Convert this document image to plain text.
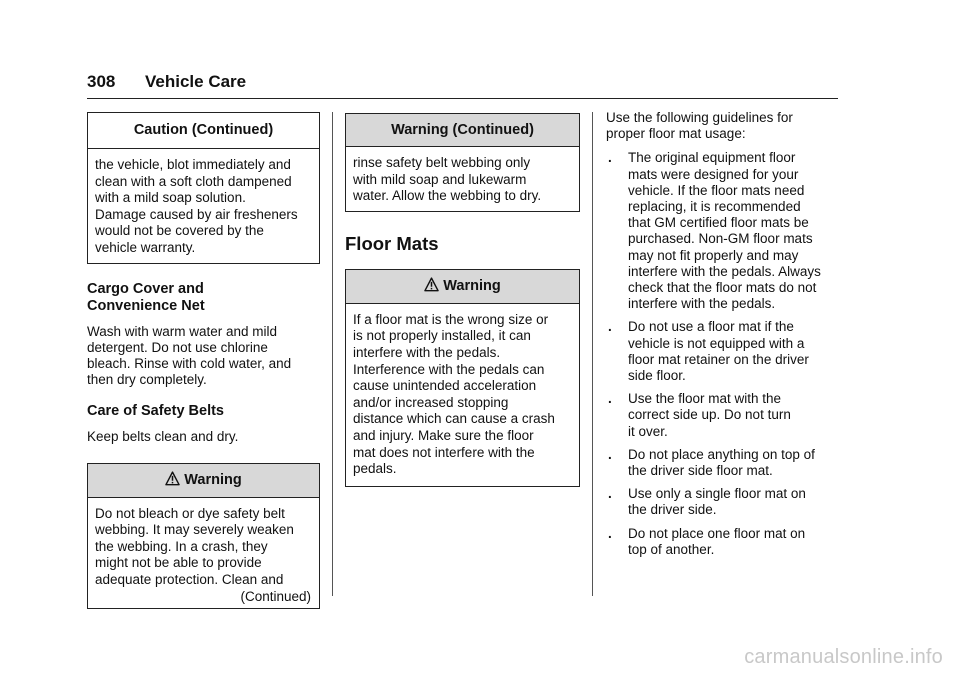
308 Vehicle Care
Caution (Continued)

the vehicle, blot immediately and

clean with a soft cloth dampened

with a mild soap solution.

Damage caused by air fresheners

would not be covered by the

vehicle warranty.

Cargo Cover and
Convenience Net

Wash with warm water and mild

detergent. Do not use chlorine

bleach. Rinse with cold water, and

then dry completely.

Care of Safety Belts

Keep belts clean and dry.

Warning

Do not bleach or dye safety belt

webbing. It may severely weaken

the webbing. In a crash, they

might not be able to provide

adequate protection. Clean and

(Continued)

Warning (Continued)

rinse safety belt webbing only

with mild soap and lukewarm

water. Allow the webbing to dry.

Floor Mats

Warning

If a floor mat is the wrong size or

is not properly installed, it can

interfere with the pedals.

Interference with the pedals can

cause unintended acceleration

and/or increased stopping

distance which can cause a crash

and injury. Make sure the floor

mat does not interfere with the

pedals.

Use the following guidelines for

proper floor mat usage:

. The original equipment floor
mats were designed for your
vehicle. If the floor mats need
replacing, it is recommended
that GM certified floor mats be
purchased. Non-GM floor mats
may not fit properly and may
interfere with the pedals. Always
check that the floor mats do not
interfere with the pedals.
. Do not use a floor mat if the
vehicle is not equipped with a
floor mat retainer on the driver
side floor.
. Use the floor mat with the
correct side up. Do not turn
it over.
. Do not place anything on top of
the driver side floor mat.
. Use only a single floor mat on
the driver side.
. Do not place one floor mat on
top of another.
carmanualsonline.info
